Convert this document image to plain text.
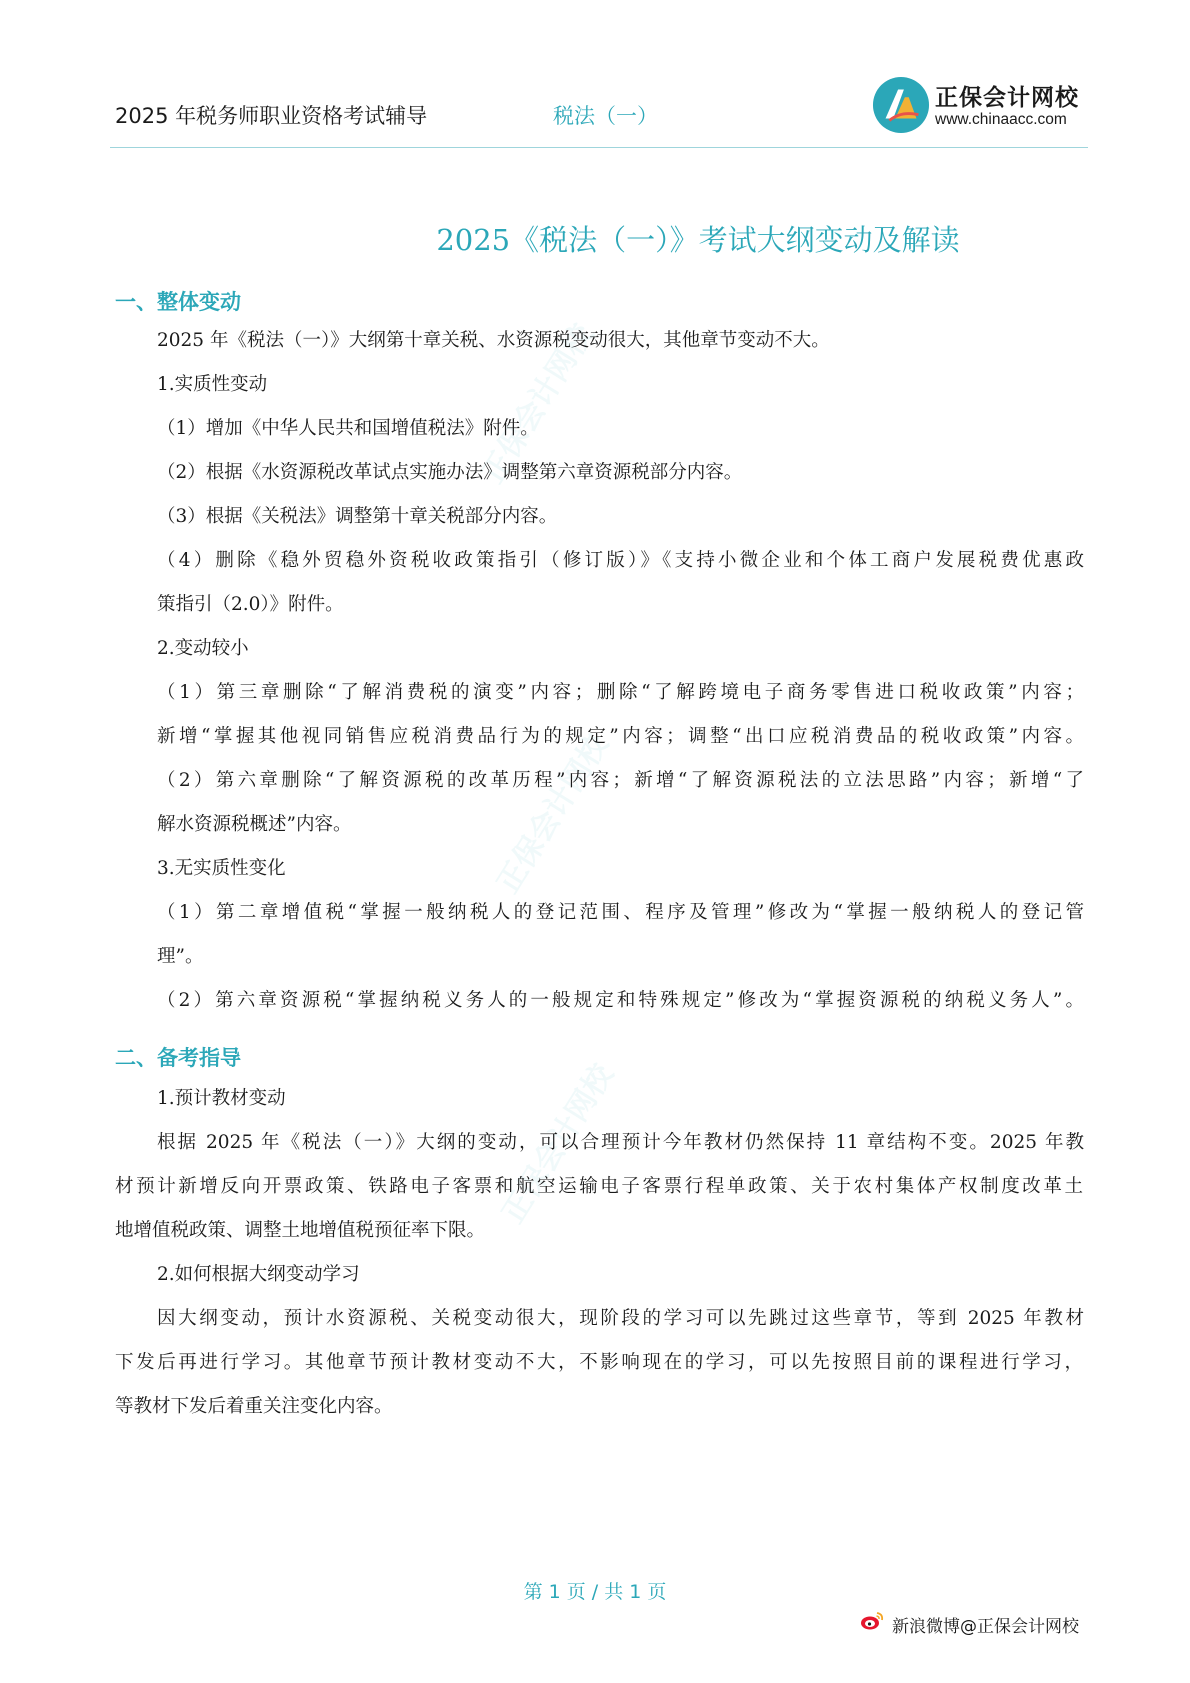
2025 年税务师职业资格考试辅导	税法（一）
正保会计网校
www.chinaacc.com
正保会计网校
正保会计网校
正保会计网校
2025《税法（一）》考试大纲变动及解读
一、整体变动
2025 年《税法（一）》大纲第十章关税、水资源税变动很大，其他章节变动不大。
1.实质性变动
（1）增加《中华人民共和国增值税法》附件。
（2）根据《水资源税改革试点实施办法》调整第六章资源税部分内容。
（3）根据《关税法》调整第十章关税部分内容。
（4）删除《稳外贸稳外资税收政策指引（修订版）》《支持小微企业和个体工商户发展税费优惠政
策指引（2.0）》附件。
2.变动较小
（1）第三章删除“了解消费税的演变”内容；删除“了解跨境电子商务零售进口税收政策”内容；
新增“掌握其他视同销售应税消费品行为的规定”内容；调整“出口应税消费品的税收政策”内容。
（2）第六章删除“了解资源税的改革历程”内容；新增“了解资源税法的立法思路”内容；新增“了
解水资源税概述”内容。
3.无实质性变化
（1）第二章增值税“掌握一般纳税人的登记范围、程序及管理”修改为“掌握一般纳税人的登记管
理”。
（2）第六章资源税“掌握纳税义务人的一般规定和特殊规定”修改为“掌握资源税的纳税义务人”。
二、备考指导
1.预计教材变动
根据 2025 年《税法（一）》大纲的变动，可以合理预计今年教材仍然保持 11 章结构不变。2025 年教
材预计新增反向开票政策、铁路电子客票和航空运输电子客票行程单政策、关于农村集体产权制度改革土
地增值税政策、调整土地增值税预征率下限。
2.如何根据大纲变动学习
因大纲变动，预计水资源税、关税变动很大，现阶段的学习可以先跳过这些章节，等到 2025 年教材
下发后再进行学习。其他章节预计教材变动不大，不影响现在的学习，可以先按照目前的课程进行学习，
等教材下发后着重关注变化内容。
第 1 页 / 共 1 页
新浪微博@正保会计网校
